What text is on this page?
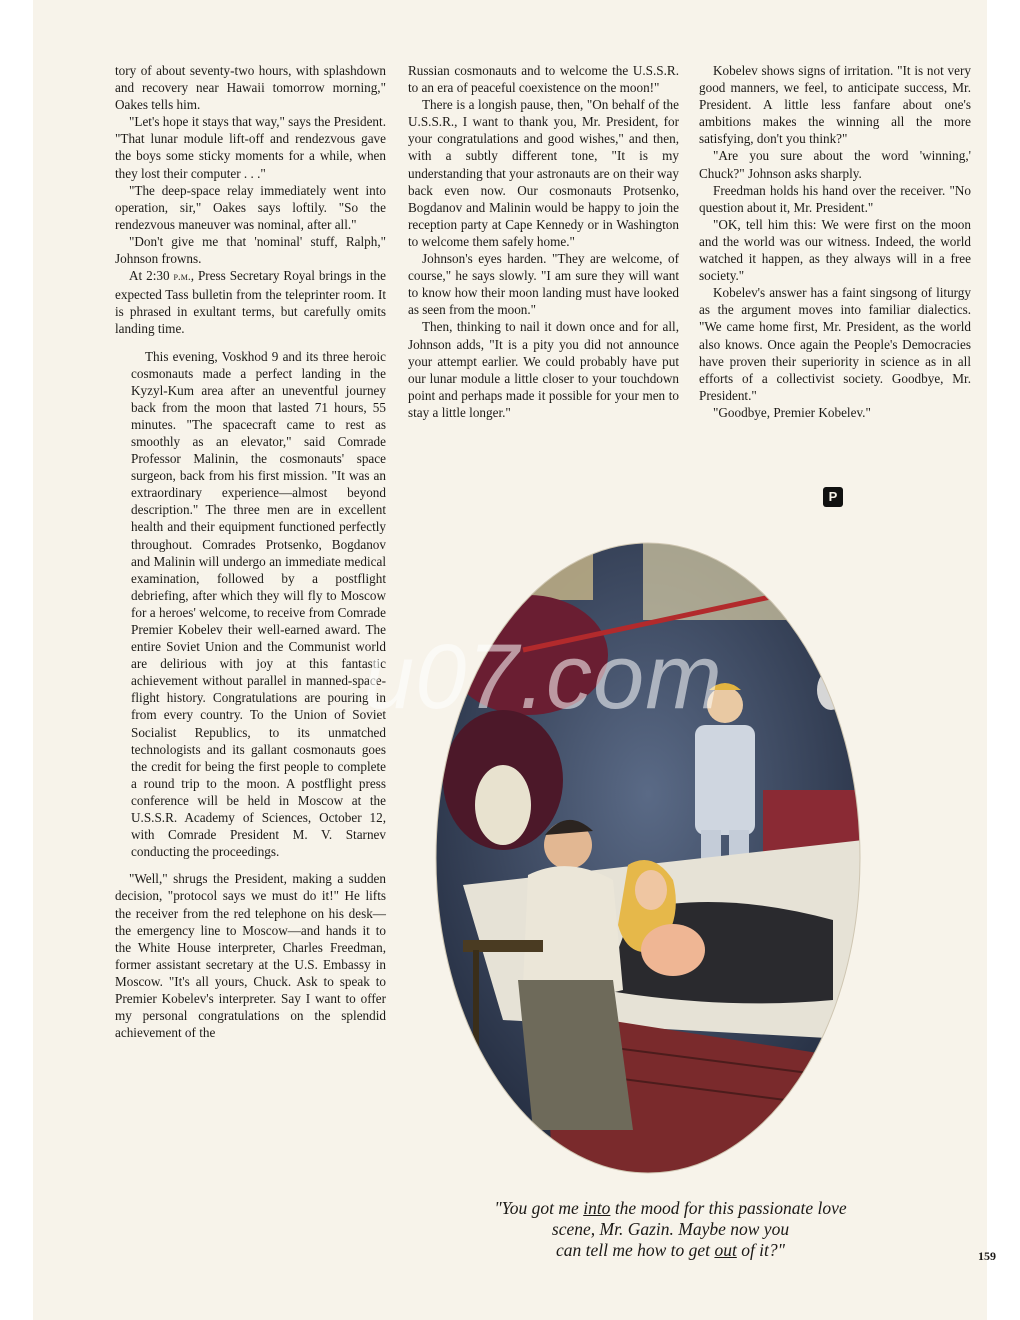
tory of about seventy-two hours, with splashdown and recovery near Hawaii tomorrow morning," Oakes tells him.

"Let's hope it stays that way," says the President. "That lunar module lift-off and rendezvous gave the boys some sticky moments for a while, when they lost their computer . . ."

"The deep-space relay immediately went into operation, sir," Oakes says loftily. "So the rendezvous maneuver was nominal, after all."

"Don't give me that 'nominal' stuff, Ralph," Johnson frowns.

At 2:30 p.m., Press Secretary Royal brings in the expected Tass bulletin from the teleprinter room. It is phrased in exultant terms, but carefully omits landing time.

This evening, Voskhod 9 and its three heroic cosmonauts made a perfect landing in the Kyzyl-Kum area after an uneventful journey back from the moon that lasted 71 hours, 55 minutes. "The spacecraft came to rest as smoothly as an elevator," said Comrade Professor Malinin, the cosmonauts' space surgeon, back from his first mission. "It was an extraordinary experience—almost beyond description." The three men are in excellent health and their equipment functioned perfectly throughout. Comrades Protsenko, Bogdanov and Malinin will undergo an immediate medical examination, followed by a postflight debriefing, after which they will fly to Moscow for a heroes' welcome, to receive from Comrade Premier Kobelev their well-earned award. The entire Soviet Union and the Communist world are delirious with joy at this fantastic achievement without parallel in manned-space-flight history. Congratulations are pouring in from every country. To the Union of Soviet Socialist Republics, to its unmatched technologists and its gallant cosmonauts goes the credit for being the first people to complete a round trip to the moon. A postflight press conference will be held in Moscow at the U.S.S.R. Academy of Sciences, October 12, with Comrade President M. V. Starnev conducting the proceedings.

"Well," shrugs the President, making a sudden decision, "protocol says we must do it!" He lifts the receiver from the red telephone on his desk—the emergency line to Moscow—and hands it to the White House interpreter, Charles Freedman, former assistant secretary at the U.S. Embassy in Moscow. "It's all yours, Chuck. Ask to speak to Premier Kobelev's interpreter. Say I want to offer my personal congratulations on the splendid achievement of the

Russian cosmonauts and to welcome the U.S.S.R. to an era of peaceful coexistence on the moon!"

There is a longish pause, then, "On behalf of the U.S.S.R., I want to thank you, Mr. President, for your congratulations and good wishes," and then, with a subtly different tone, "It is my understanding that your astronauts are on their way back even now. Our cosmonauts Protsenko, Bogdanov and Malinin would be happy to join the reception party at Cape Kennedy or in Washington to welcome them safely home."

Johnson's eyes harden. "They are welcome, of course," he says slowly. "I am sure they will want to know how their moon landing must have looked as seen from the moon."

Then, thinking to nail it down once and for all, Johnson adds, "It is a pity you did not announce your attempt earlier. We could probably have put our lunar module a little closer to your touchdown point and perhaps made it possible for your men to stay a little longer."

Kobelev shows signs of irritation. "It is not very good manners, we feel, to anticipate success, Mr. President. A little less fanfare about one's ambitions makes the winning all the more satisfying, don't you think?"

"Are you sure about the word 'winning,' Chuck?" Johnson asks sharply.

Freedman holds his hand over the receiver. "No question about it, Mr. President."

"OK, tell him this: We were first on the moon and the world was our witness. Indeed, the world watched it happen, as they always will in a free society."

Kobelev's answer has a faint singsong of liturgy as the argument moves into familiar dialectics. "We came home first, Mr. President, as the world also knows. Once again the People's Democracies have proven their superiority in science as in all efforts of a collectivist society. Goodbye, Mr. President."

"Goodbye, Premier Kobelev."

P
u07.com
"You got me into the mood for this passionate love
scene, Mr. Gazin. Maybe now you
can tell me how to get out of it?"	159
